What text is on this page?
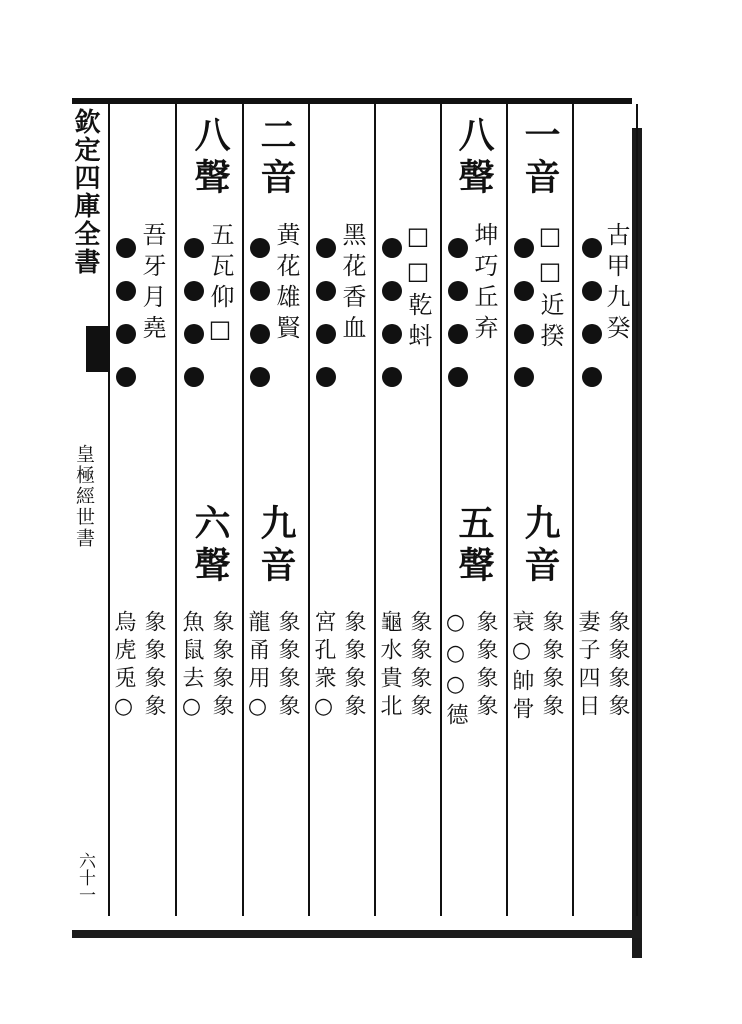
欽定四庫全書
皇極經世書
六十一
古甲九癸
象象象象
妻子四日
一音
□□近揆
九音
象象象象
衰○帥骨
八聲
坤巧丘弃
五聲
象象象象
○○○德
□□乾蚪
象象象象
龜水貴北
黑花香血
象象象象
宮孔衆○
二音
黄花雄賢
九音
象象象象
龍甬用○
八聲
五瓦仰□
六聲
象象象象
魚鼠去○
吾牙月堯
象象象象
烏虎兎○
